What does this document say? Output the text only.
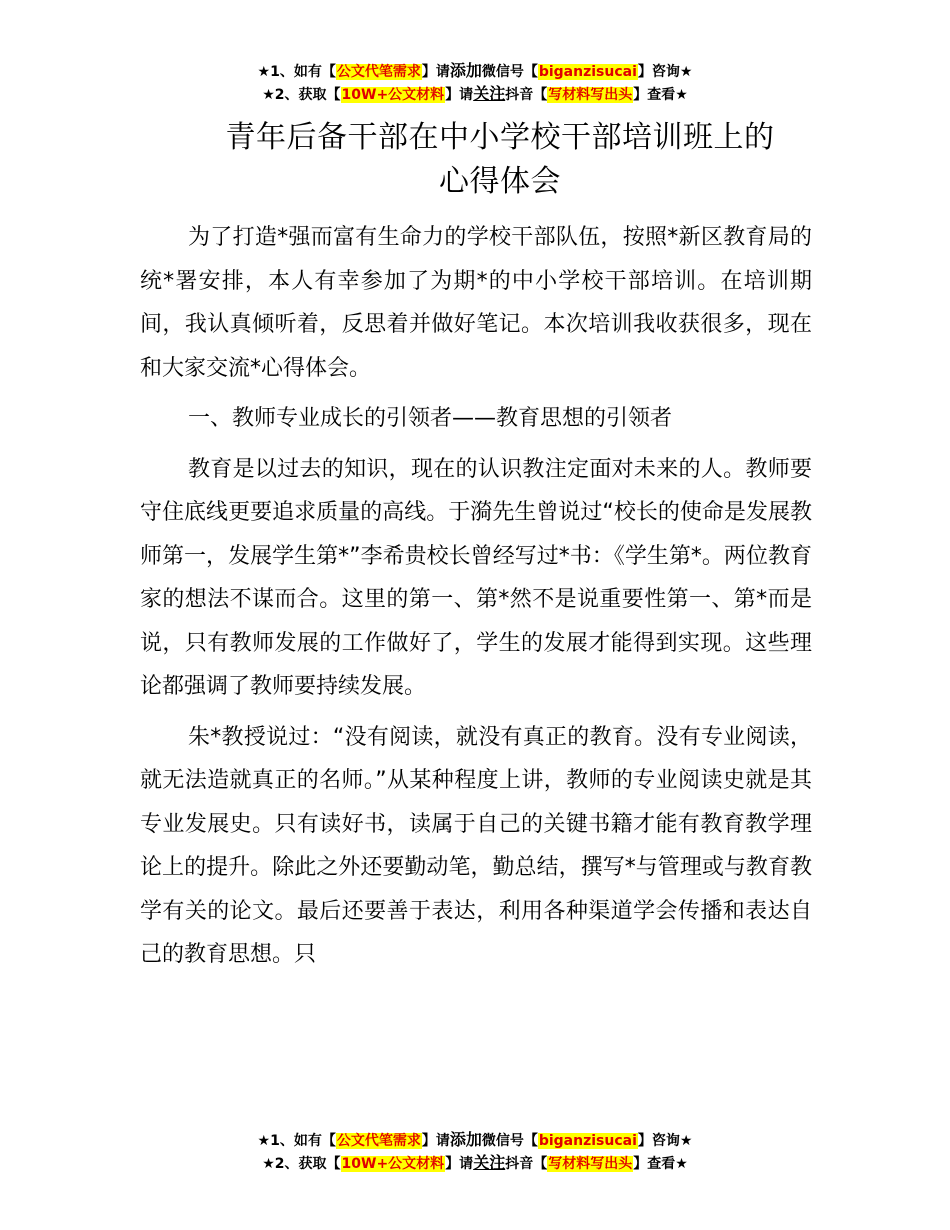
★1、如有【公文代笔需求】请添加微信号【biganzisucai】咨询★
★2、获取【10W+公文材料】请关注抖音【写材料写出头】查看★
青年后备干部在中小学校干部培训班上的
心得体会

为了打造*强而富有生命力的学校干部队伍，按照*新区教育局的统*署安排，本人有幸参加了为期*的中小学校干部培训。在培训期间，我认真倾听着，反思着并做好笔记。本次培训我收获很多，现在和大家交流*心得体会。

一、教师专业成长的引领者——教育思想的引领者

教育是以过去的知识，现在的认识教注定面对未来的人。教师要守住底线更要追求质量的高线。于漪先生曾说过“校长的使命是发展教师第一，发展学生第*”李希贵校长曾经写过*书：《学生第*。两位教育家的想法不谋而合。这里的第一、第*然不是说重要性第一、第*而是说，只有教师发展的工作做好了，学生的发展才能得到实现。这些理论都强调了教师要持续发展。

朱*教授说过：“没有阅读，就没有真正的教育。没有专业阅读，就无法造就真正的名师。”从某种程度上讲，教师的专业阅读史就是其专业发展史。只有读好书，读属于自己的关键书籍才能有教育教学理论上的提升。除此之外还要勤动笔，勤总结，撰写*与管理或与教育教学有关的论文。最后还要善于表达，利用各种渠道学会传播和表达自己的教育思想。只

★1、如有【公文代笔需求】请添加微信号【biganzisucai】咨询★
★2、获取【10W+公文材料】请关注抖音【写材料写出头】查看★
